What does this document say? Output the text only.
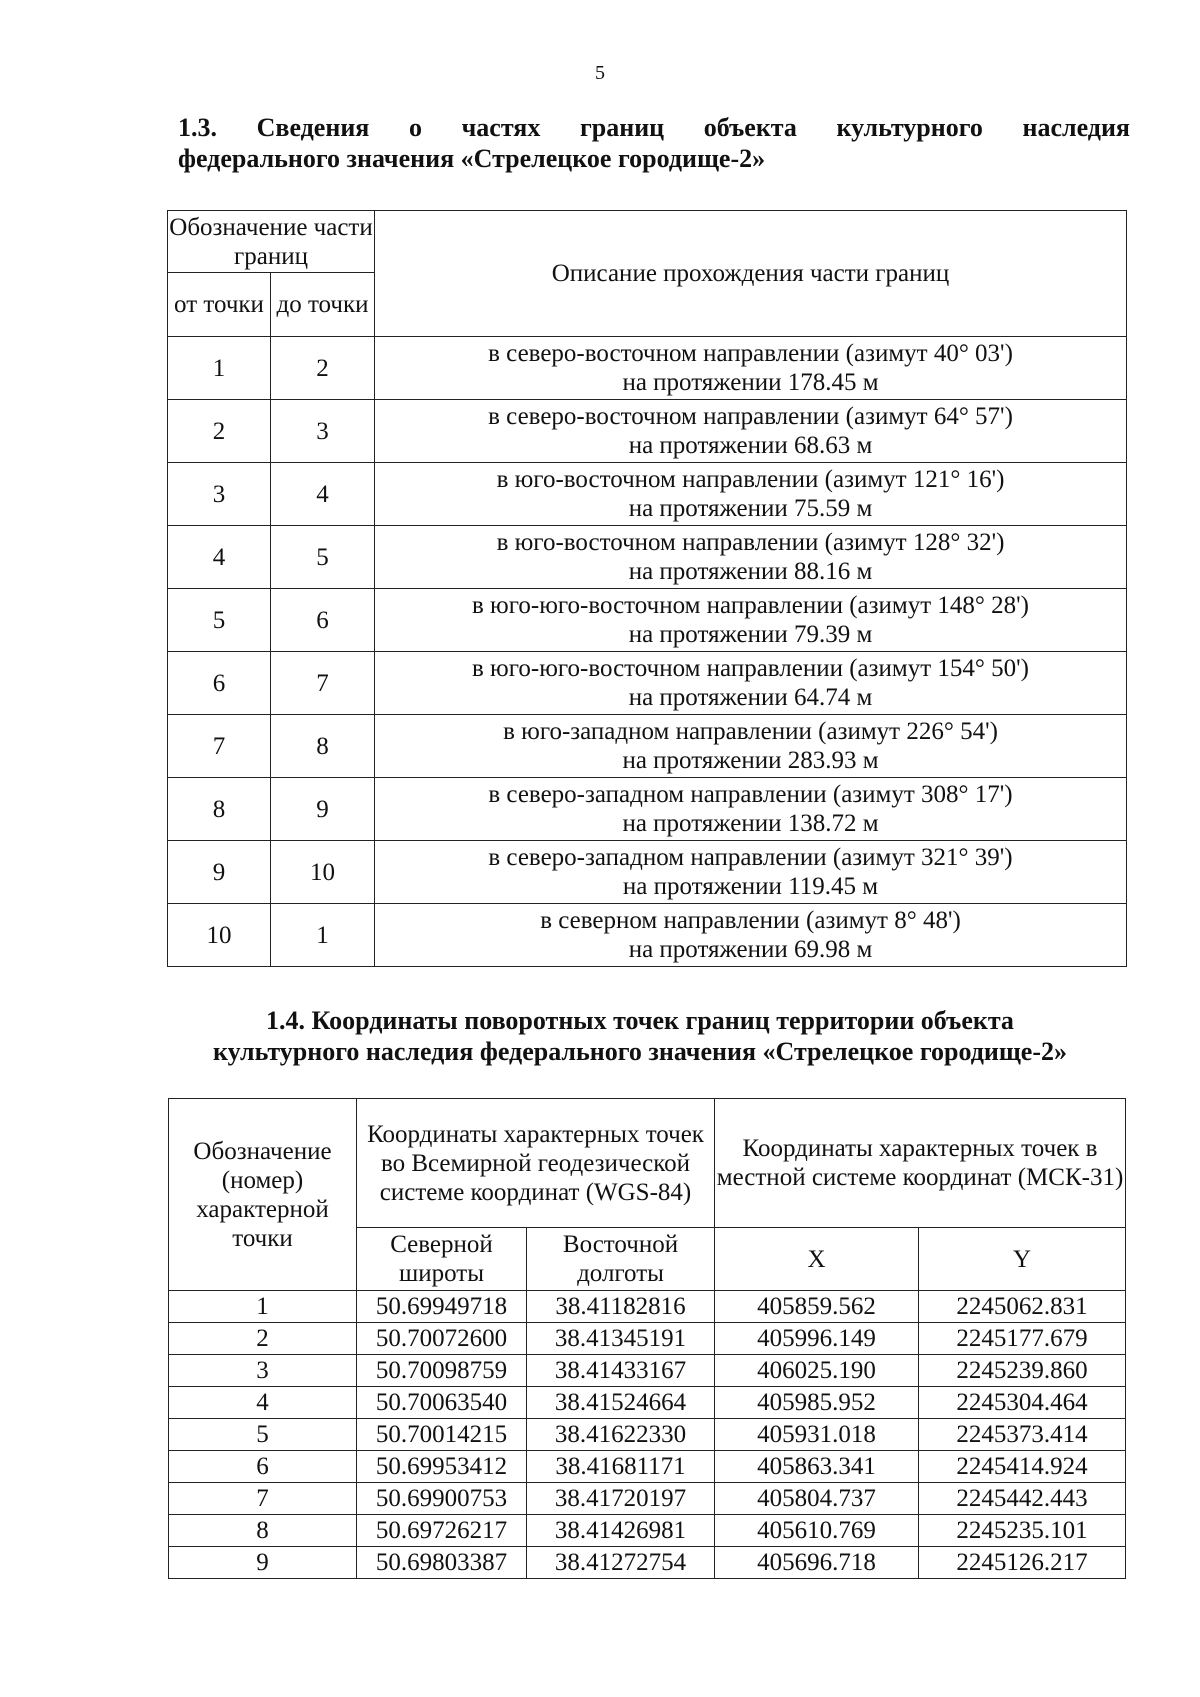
5
1.3. Сведения о частях границ объекта культурного наследия
федерального значения «Стрелецкое городище-2»
Обозначение части границ		Описание прохождения части границ
от точки	до точки	
1	2	в северо-восточном направлении (азимут 40° 03')
на протяжении 178.45 м

2	3	в северо-восточном направлении (азимут 64° 57')
на протяжении 68.63 м

3	4	в юго-восточном направлении (азимут 121° 16')
на протяжении 75.59 м

4	5	в юго-восточном направлении (азимут 128° 32')
на протяжении 88.16 м

5	6	в юго-юго-восточном направлении (азимут 148° 28')
на протяжении 79.39 м

6	7	в юго-юго-восточном направлении (азимут 154° 50')
на протяжении 64.74 м

7	8	в юго-западном направлении (азимут 226° 54')
на протяжении 283.93 м

8	9	в северо-западном направлении (азимут 308° 17')
на протяжении 138.72 м

9	10	в северо-западном направлении (азимут 321° 39')
на протяжении 119.45 м

10	1	в северном направлении (азимут 8° 48')
на протяжении 69.98 м
1.4. Координаты поворотных точек границ территории объекта
культурного наследия федерального значения «Стрелецкое городище-2»
Обозначение (номер) характерной точки	Координаты характерных точек во Всемирной геодезической системе координат (WGS-84)		Координаты характерных точек в местной системе координат (МСК-31)	
	Северной широты	Восточной долготы	X	Y
1	50.69949718	38.41182816	405859.562	2245062.831
2	50.70072600	38.41345191	405996.149	2245177.679
3	50.70098759	38.41433167	406025.190	2245239.860
4	50.70063540	38.41524664	405985.952	2245304.464
5	50.70014215	38.41622330	405931.018	2245373.414
6	50.69953412	38.41681171	405863.341	2245414.924
7	50.69900753	38.41720197	405804.737	2245442.443
8	50.69726217	38.41426981	405610.769	2245235.101
9	50.69803387	38.41272754	405696.718	2245126.217
